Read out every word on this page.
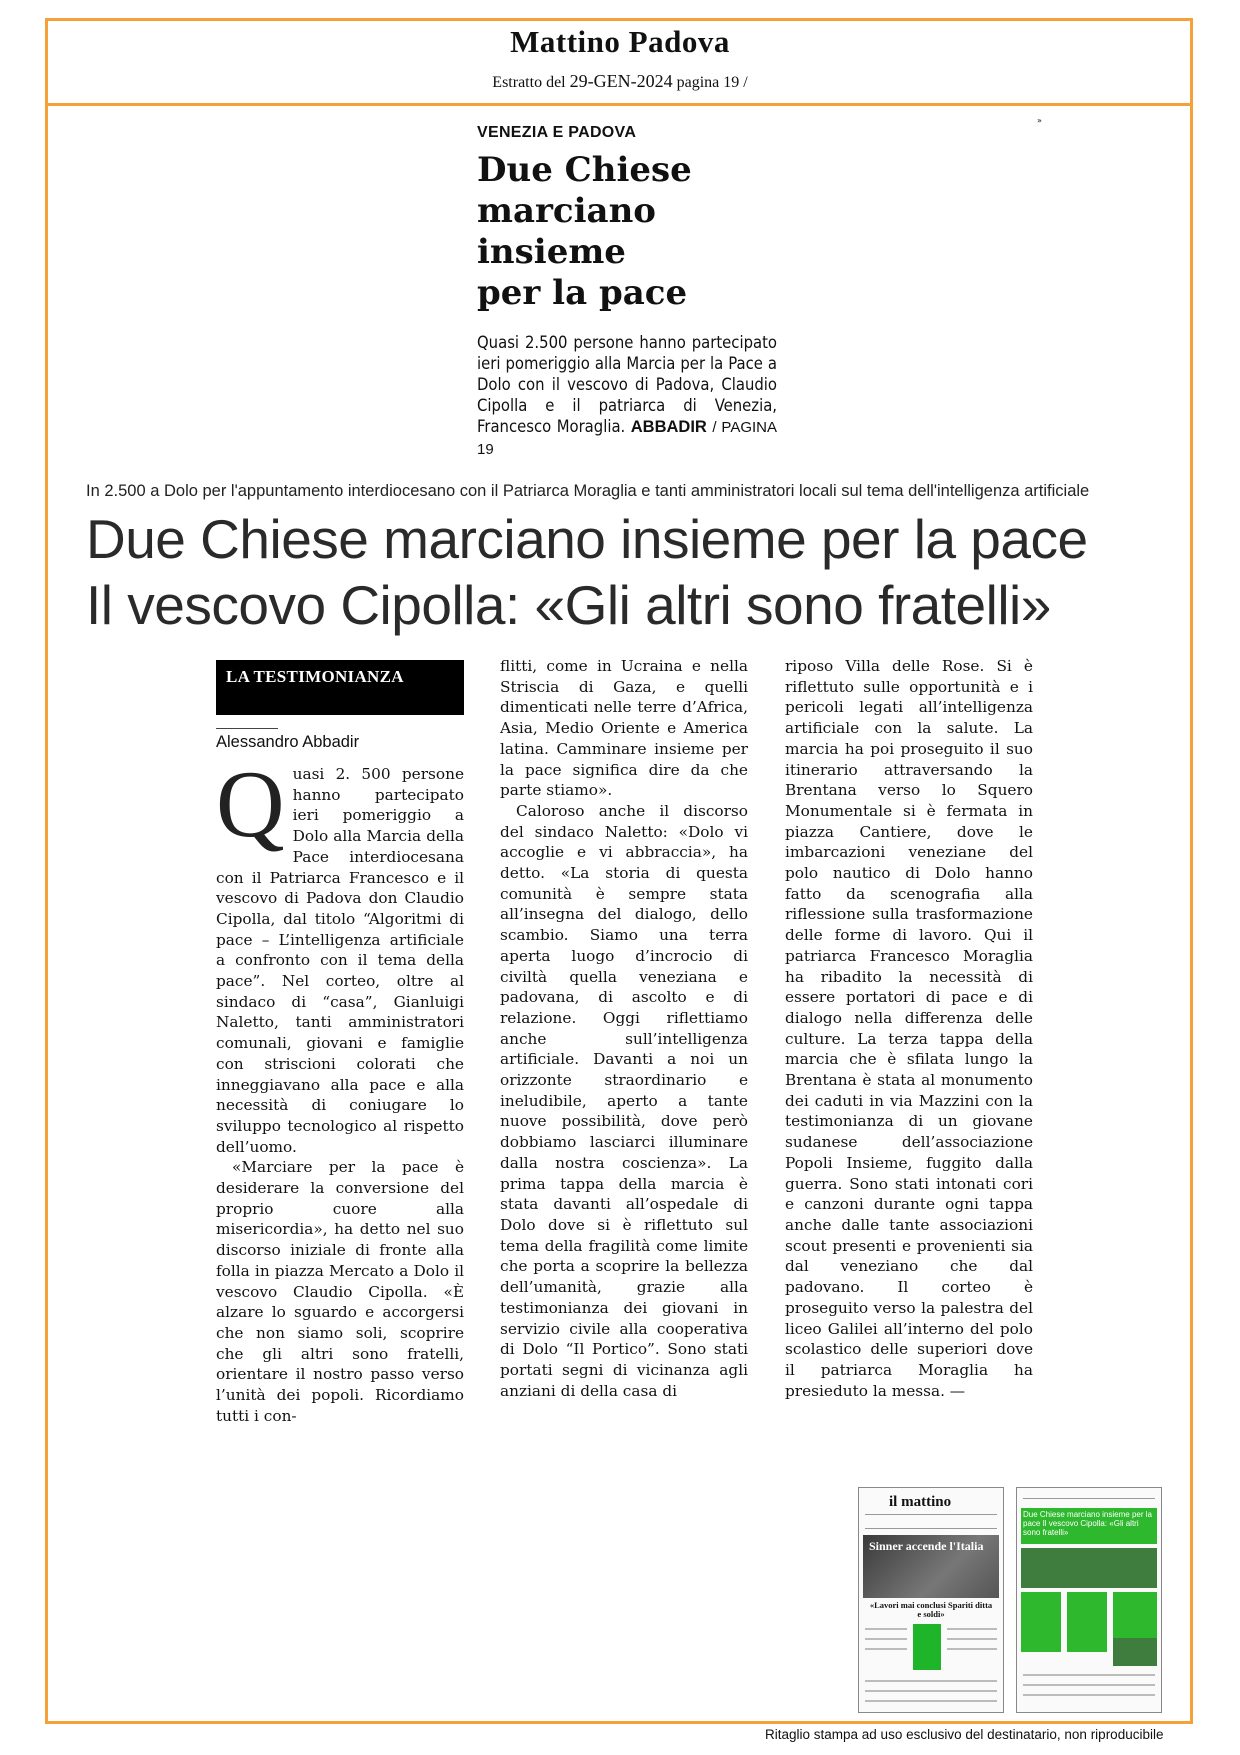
Mattino Padova
Estratto del 29-GEN-2024 pagina 19 /
VENEZIA E PADOVA
Due Chiese
marciano
insieme
per la pace
Quasi 2.500 persone hanno partecipato ieri pomeriggio alla Marcia per la Pace a Dolo con il vescovo di Padova, Claudio Cipolla e il patriarca di Venezia, Francesco Moraglia. ABBADIR / PAGINA 19
»
In 2.500 a Dolo per l'appuntamento interdiocesano con il Patriarca Moraglia e tanti amministratori locali sul tema dell'intelligenza artificiale
Due Chiese marciano insieme per la pace
Il vescovo Cipolla: «Gli altri sono fratelli»
LA TESTIMONIANZA
Alessandro Abbadir

Quasi 2. 500 persone hanno partecipato ieri pomeriggio a Dolo alla Marcia della Pace interdiocesana con il Patriarca Francesco e il vescovo di Padova don Claudio Cipolla, dal titolo “Algoritmi di pace – L’intelligenza artificiale a confronto con il tema della pace”. Nel corteo, oltre al sindaco di “casa”, Gianluigi Naletto, tanti amministratori comunali, giovani e famiglie con striscioni colorati che inneggiavano alla pace e alla necessità di coniugare lo sviluppo tecnologico al rispetto dell’uomo.

«Marciare per la pace è desiderare la conversione del proprio cuore alla misericordia», ha detto nel suo discorso iniziale di fronte alla folla in piazza Mercato a Dolo il vescovo Claudio Cipolla. «È alzare lo sguardo e accorgersi che non siamo soli, scoprire che gli altri sono fratelli, orientare il nostro passo verso l’unità dei popoli. Ricordiamo tutti i con-

flitti, come in Ucraina e nella Striscia di Gaza, e quelli dimenticati nelle terre d’Africa, Asia, Medio Oriente e America latina. Camminare insieme per la pace significa dire da che parte stiamo».

Caloroso anche il discorso del sindaco Naletto: «Dolo vi accoglie e vi abbraccia», ha detto. «La storia di questa comunità è sempre stata all’insegna del dialogo, dello scambio. Siamo una terra aperta luogo d’incrocio di civiltà quella veneziana e padovana, di ascolto e di relazione. Oggi riflettiamo anche sull’intelligenza artificiale. Davanti a noi un orizzonte straordinario e ineludibile, aperto a tante nuove possibilità, dove però dobbiamo lasciarci illuminare dalla nostra coscienza». La prima tappa della marcia è stata davanti all’ospedale di Dolo dove si è riflettuto sul tema della fragilità come limite che porta a scoprire la bellezza dell’umanità, grazie alla testimonianza dei giovani in servizio civile alla cooperativa di Dolo “Il Portico”. Sono stati portati segni di vicinanza agli anziani di della casa di

riposo Villa delle Rose. Si è riflettuto sulle opportunità e i pericoli legati all’intelligenza artificiale con la salute. La marcia ha poi proseguito il suo itinerario attraversando la Brentana verso lo Squero Monumentale si è fermata in piazza Cantiere, dove le imbarcazioni veneziane del polo nautico di Dolo hanno fatto da scenografia alla riflessione sulla trasformazione delle forme di lavoro. Qui il patriarca Francesco Moraglia ha ribadito la necessità di essere portatori di pace e di dialogo nella differenza delle culture. La terza tappa della marcia che è sfilata lungo la Brentana è stata al monumento dei caduti in via Mazzini con la testimonianza di un giovane sudanese dell’associazione Popoli Insieme, fuggito dalla guerra. Sono stati intonati cori e canzoni durante ogni tappa anche dalle tante associazioni scout presenti e provenienti sia dal veneziano che dal padovano. Il corteo è proseguito verso la palestra del liceo Galilei all’interno del polo scolastico delle superiori dove il patriarca Moraglia ha presieduto la messa. —

il mattino
Sinner accende l'Italia
«Lavori mai conclusi Spariti ditta e soldi»
Due Chiese marciano insieme per la pace Il vescovo Cipolla: «Gli altri sono fratelli»
Ritaglio stampa ad uso esclusivo del destinatario, non riproducibile
